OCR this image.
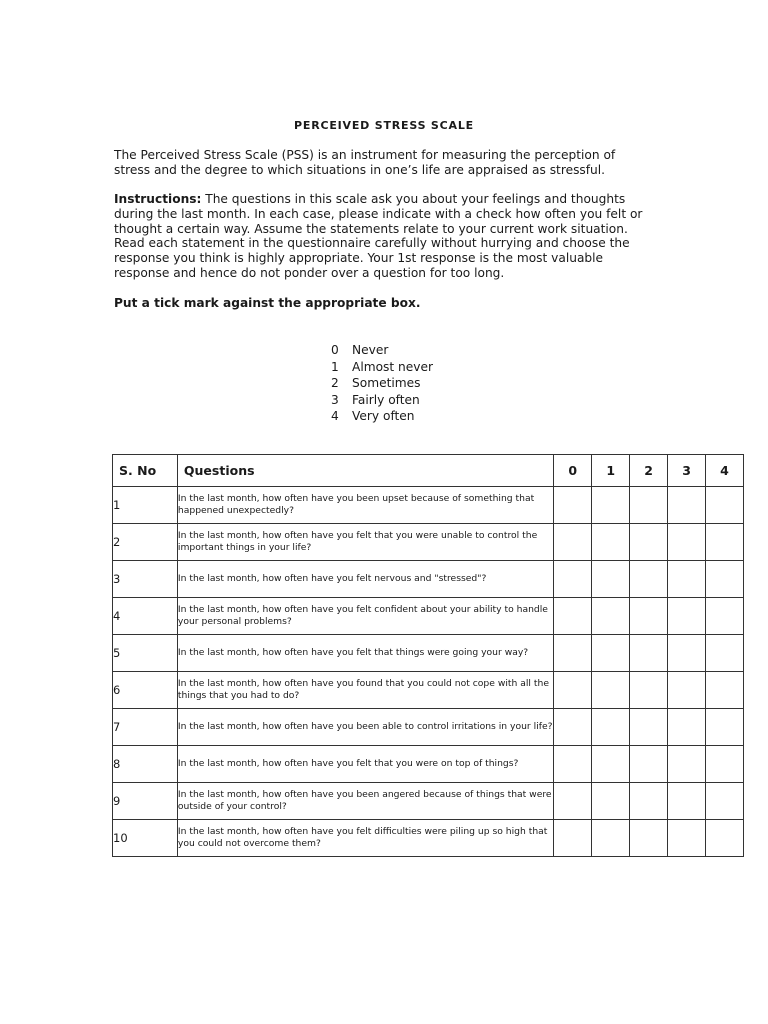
PERCEIVED STRESS SCALE

The Perceived Stress Scale (PSS) is an instrument for measuring the perception of stress and the degree to which situations in one’s life are appraised as stressful.

Instructions: The questions in this scale ask you about your feelings and thoughts during the last month. In each case, please indicate with a check how often you felt or thought a certain way. Assume the statements relate to your current work situation. Read each statement in the questionnaire carefully without hurrying and choose the response you think is highly appropriate. Your 1st response is the most valuable response and hence do not ponder over a question for too long.

Put a tick mark against the appropriate box.
0	Never
1	Almost never
2	Sometimes
3	Fairly often
4	Very often
S. No	Questions	0	1	2	3	4
1	In the last month, how often have you been upset because of something that happened unexpectedly?					
2	In the last month, how often have you felt that you were unable to control the important things in your life?					
3	In the last month, how often have you felt nervous and "stressed"?					
4	In the last month, how often have you felt confident about your ability to handle your personal problems?					
5	In the last month, how often have you felt that things were going your way?					
6	In the last month, how often have you found that you could not cope with all the things that you had to do?					
7	In the last month, how often have you been able to control irritations in your life?					
8	In the last month, how often have you felt that you were on top of things?					
9	In the last month, how often have you been angered because of things that were outside of your control?					
10	In the last month, how often have you felt difficulties were piling up so high that you could not overcome them?					
